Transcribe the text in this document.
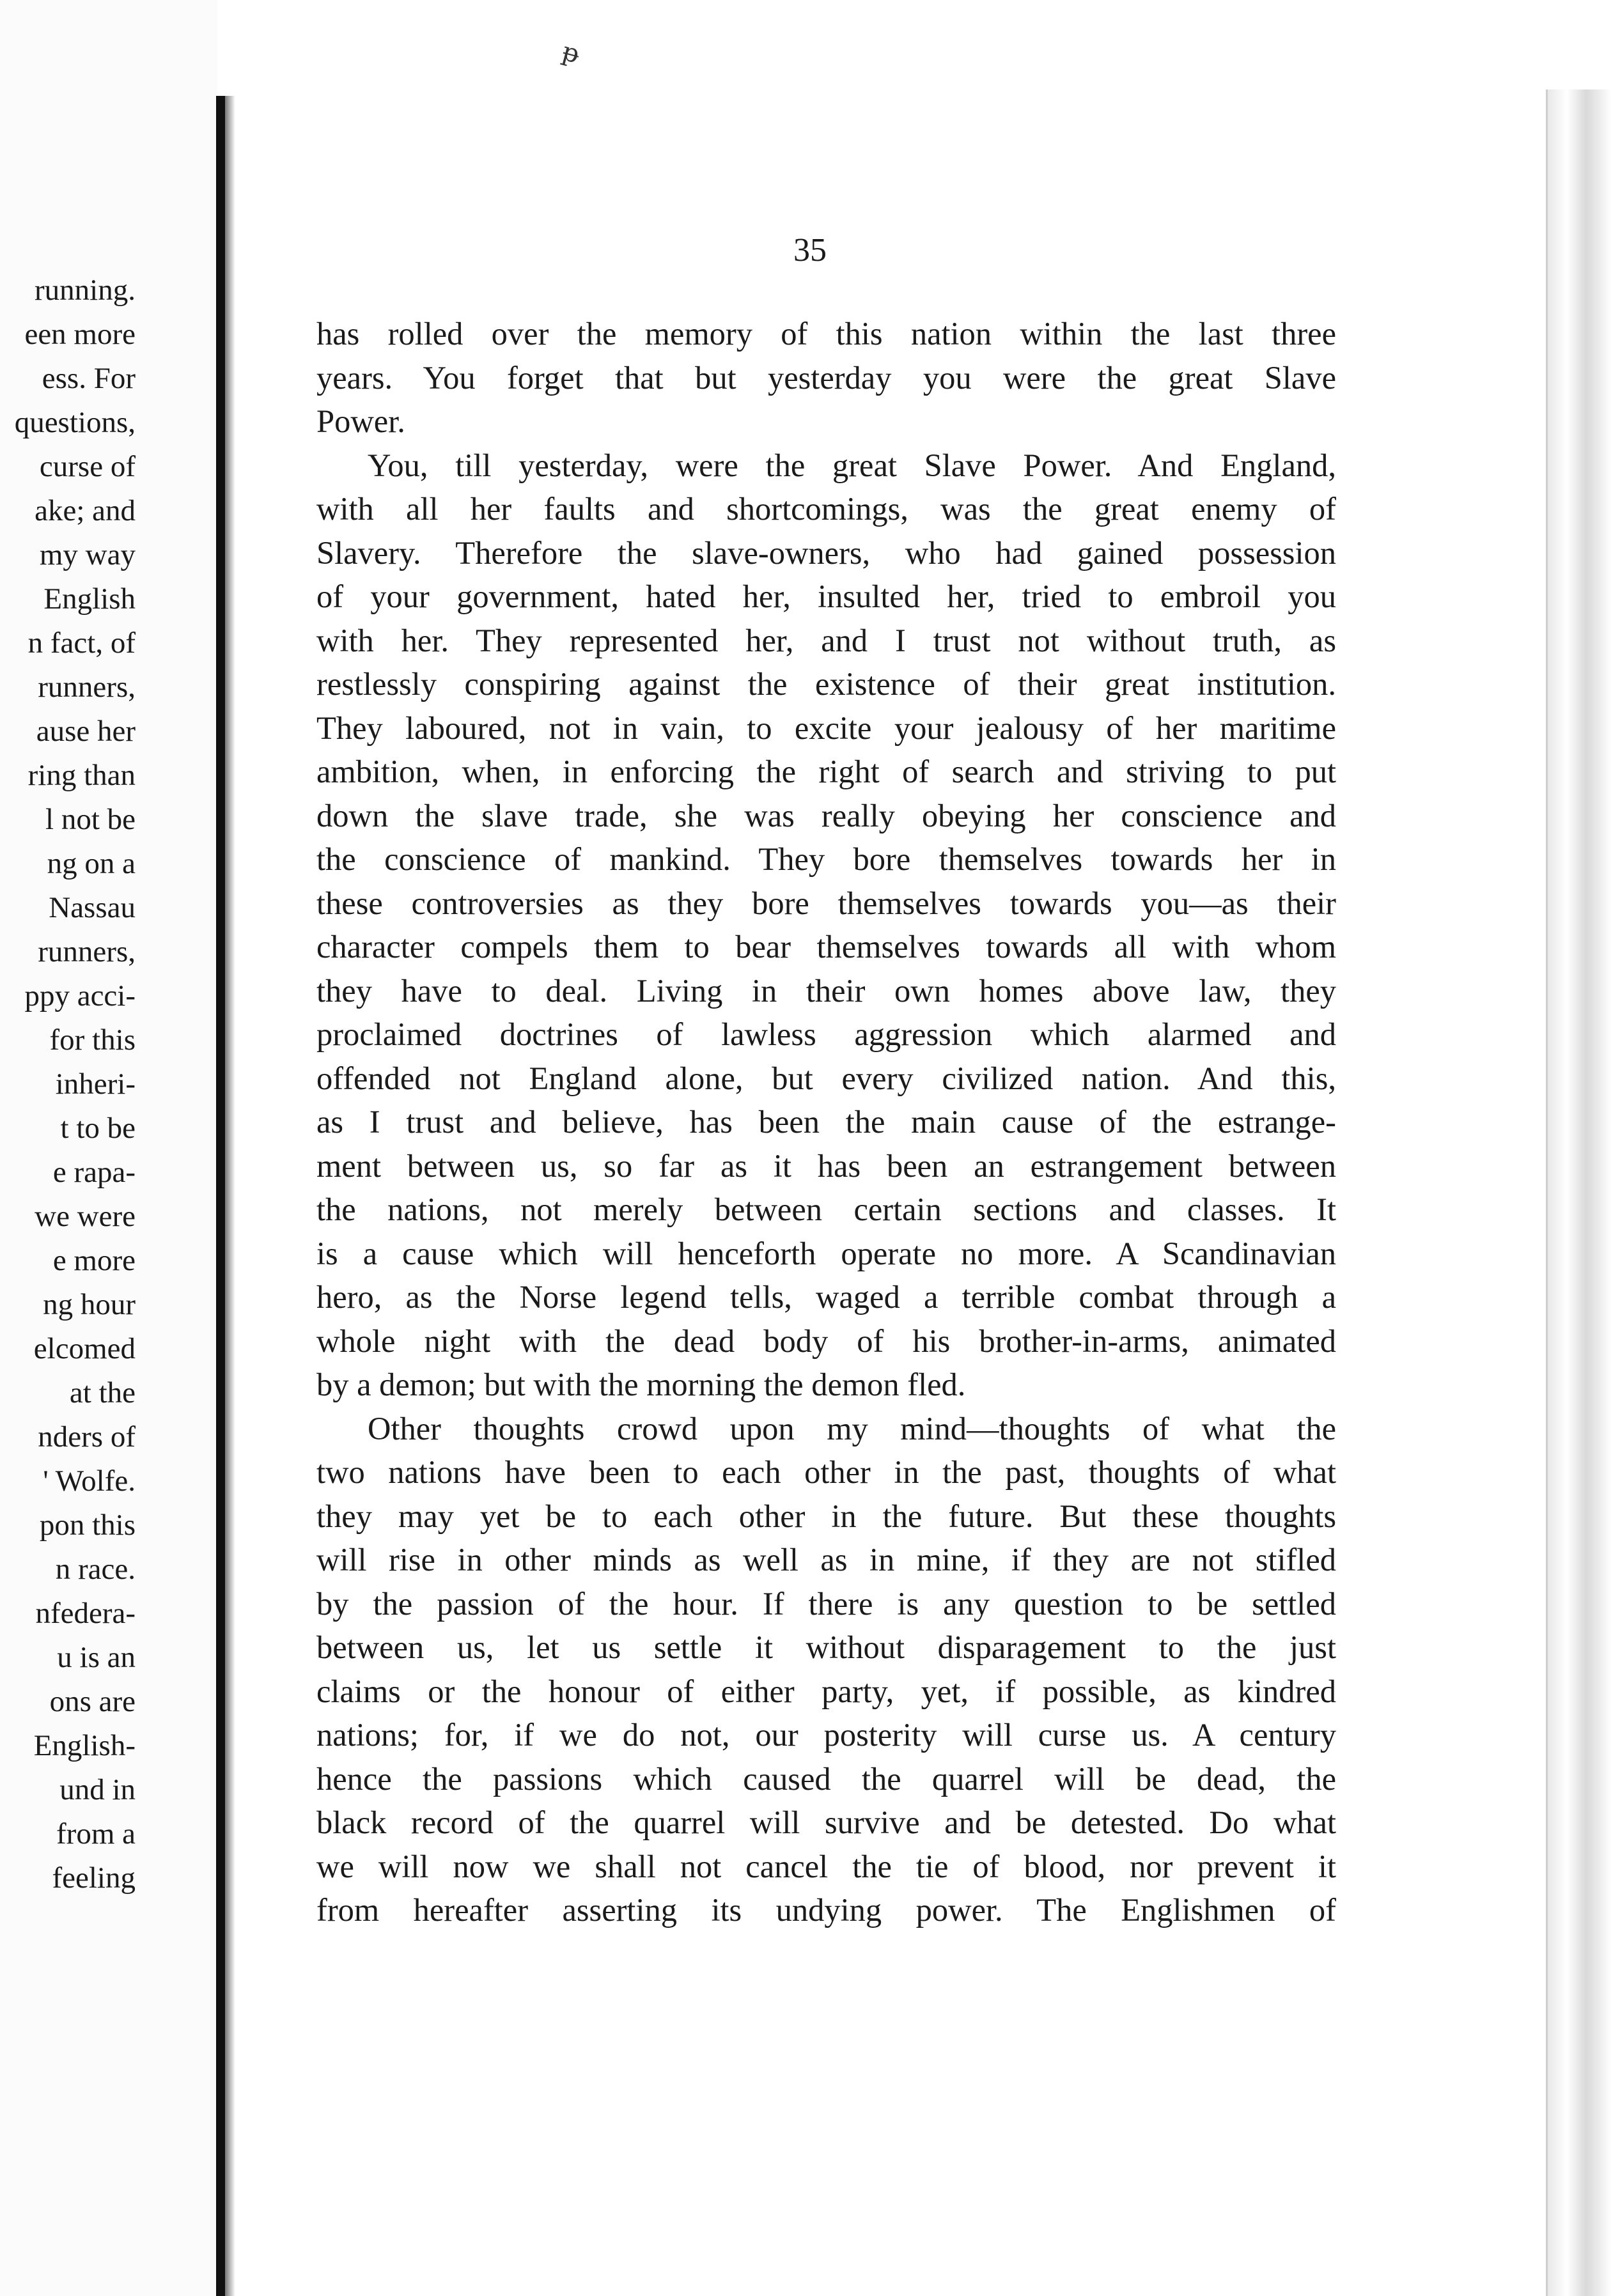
running.
een more
ess. For
questions,
curse of
ake; and
my way
English
n fact, of
runners,
ause her
ring than
l not be
ng on a
Nassau
runners,
ppy acci-
for this
inheri-
t to be
e rapa-
we were
e more
ng hour
elcomed
at the
nders of
' Wolfe.
pon this
n race.
nfedera-
u is an
ons are
English-
und in
from a
feeling
ᵽ
35
has rolled over the memory of this nation within the last three
years. You forget that but yesterday you were the great Slave
Power.
You, till yesterday, were the great Slave Power. And England,
with all her faults and shortcomings, was the great enemy of
Slavery. Therefore the slave-owners, who had gained possession
of your government, hated her, insulted her, tried to embroil you
with her. They represented her, and I trust not without truth, as
restlessly conspiring against the existence of their great institution.
They laboured, not in vain, to excite your jealousy of her maritime
ambition, when, in enforcing the right of search and striving to put
down the slave trade, she was really obeying her conscience and
the conscience of mankind. They bore themselves towards her in
these controversies as they bore themselves towards you—as their
character compels them to bear themselves towards all with whom
they have to deal. Living in their own homes above law, they
proclaimed doctrines of lawless aggression which alarmed and
offended not England alone, but every civilized nation. And this,
as I trust and believe, has been the main cause of the estrange-
ment between us, so far as it has been an estrangement between
the nations, not merely between certain sections and classes. It
is a cause which will henceforth operate no more. A Scandinavian
hero, as the Norse legend tells, waged a terrible combat through a
whole night with the dead body of his brother-in-arms, animated
by a demon; but with the morning the demon fled.
Other thoughts crowd upon my mind—thoughts of what the
two nations have been to each other in the past, thoughts of what
they may yet be to each other in the future. But these thoughts
will rise in other minds as well as in mine, if they are not stifled
by the passion of the hour. If there is any question to be settled
between us, let us settle it without disparagement to the just
claims or the honour of either party, yet, if possible, as kindred
nations; for, if we do not, our posterity will curse us. A century
hence the passions which caused the quarrel will be dead, the
black record of the quarrel will survive and be detested. Do what
we will now we shall not cancel the tie of blood, nor prevent it
from hereafter asserting its undying power. The Englishmen of
